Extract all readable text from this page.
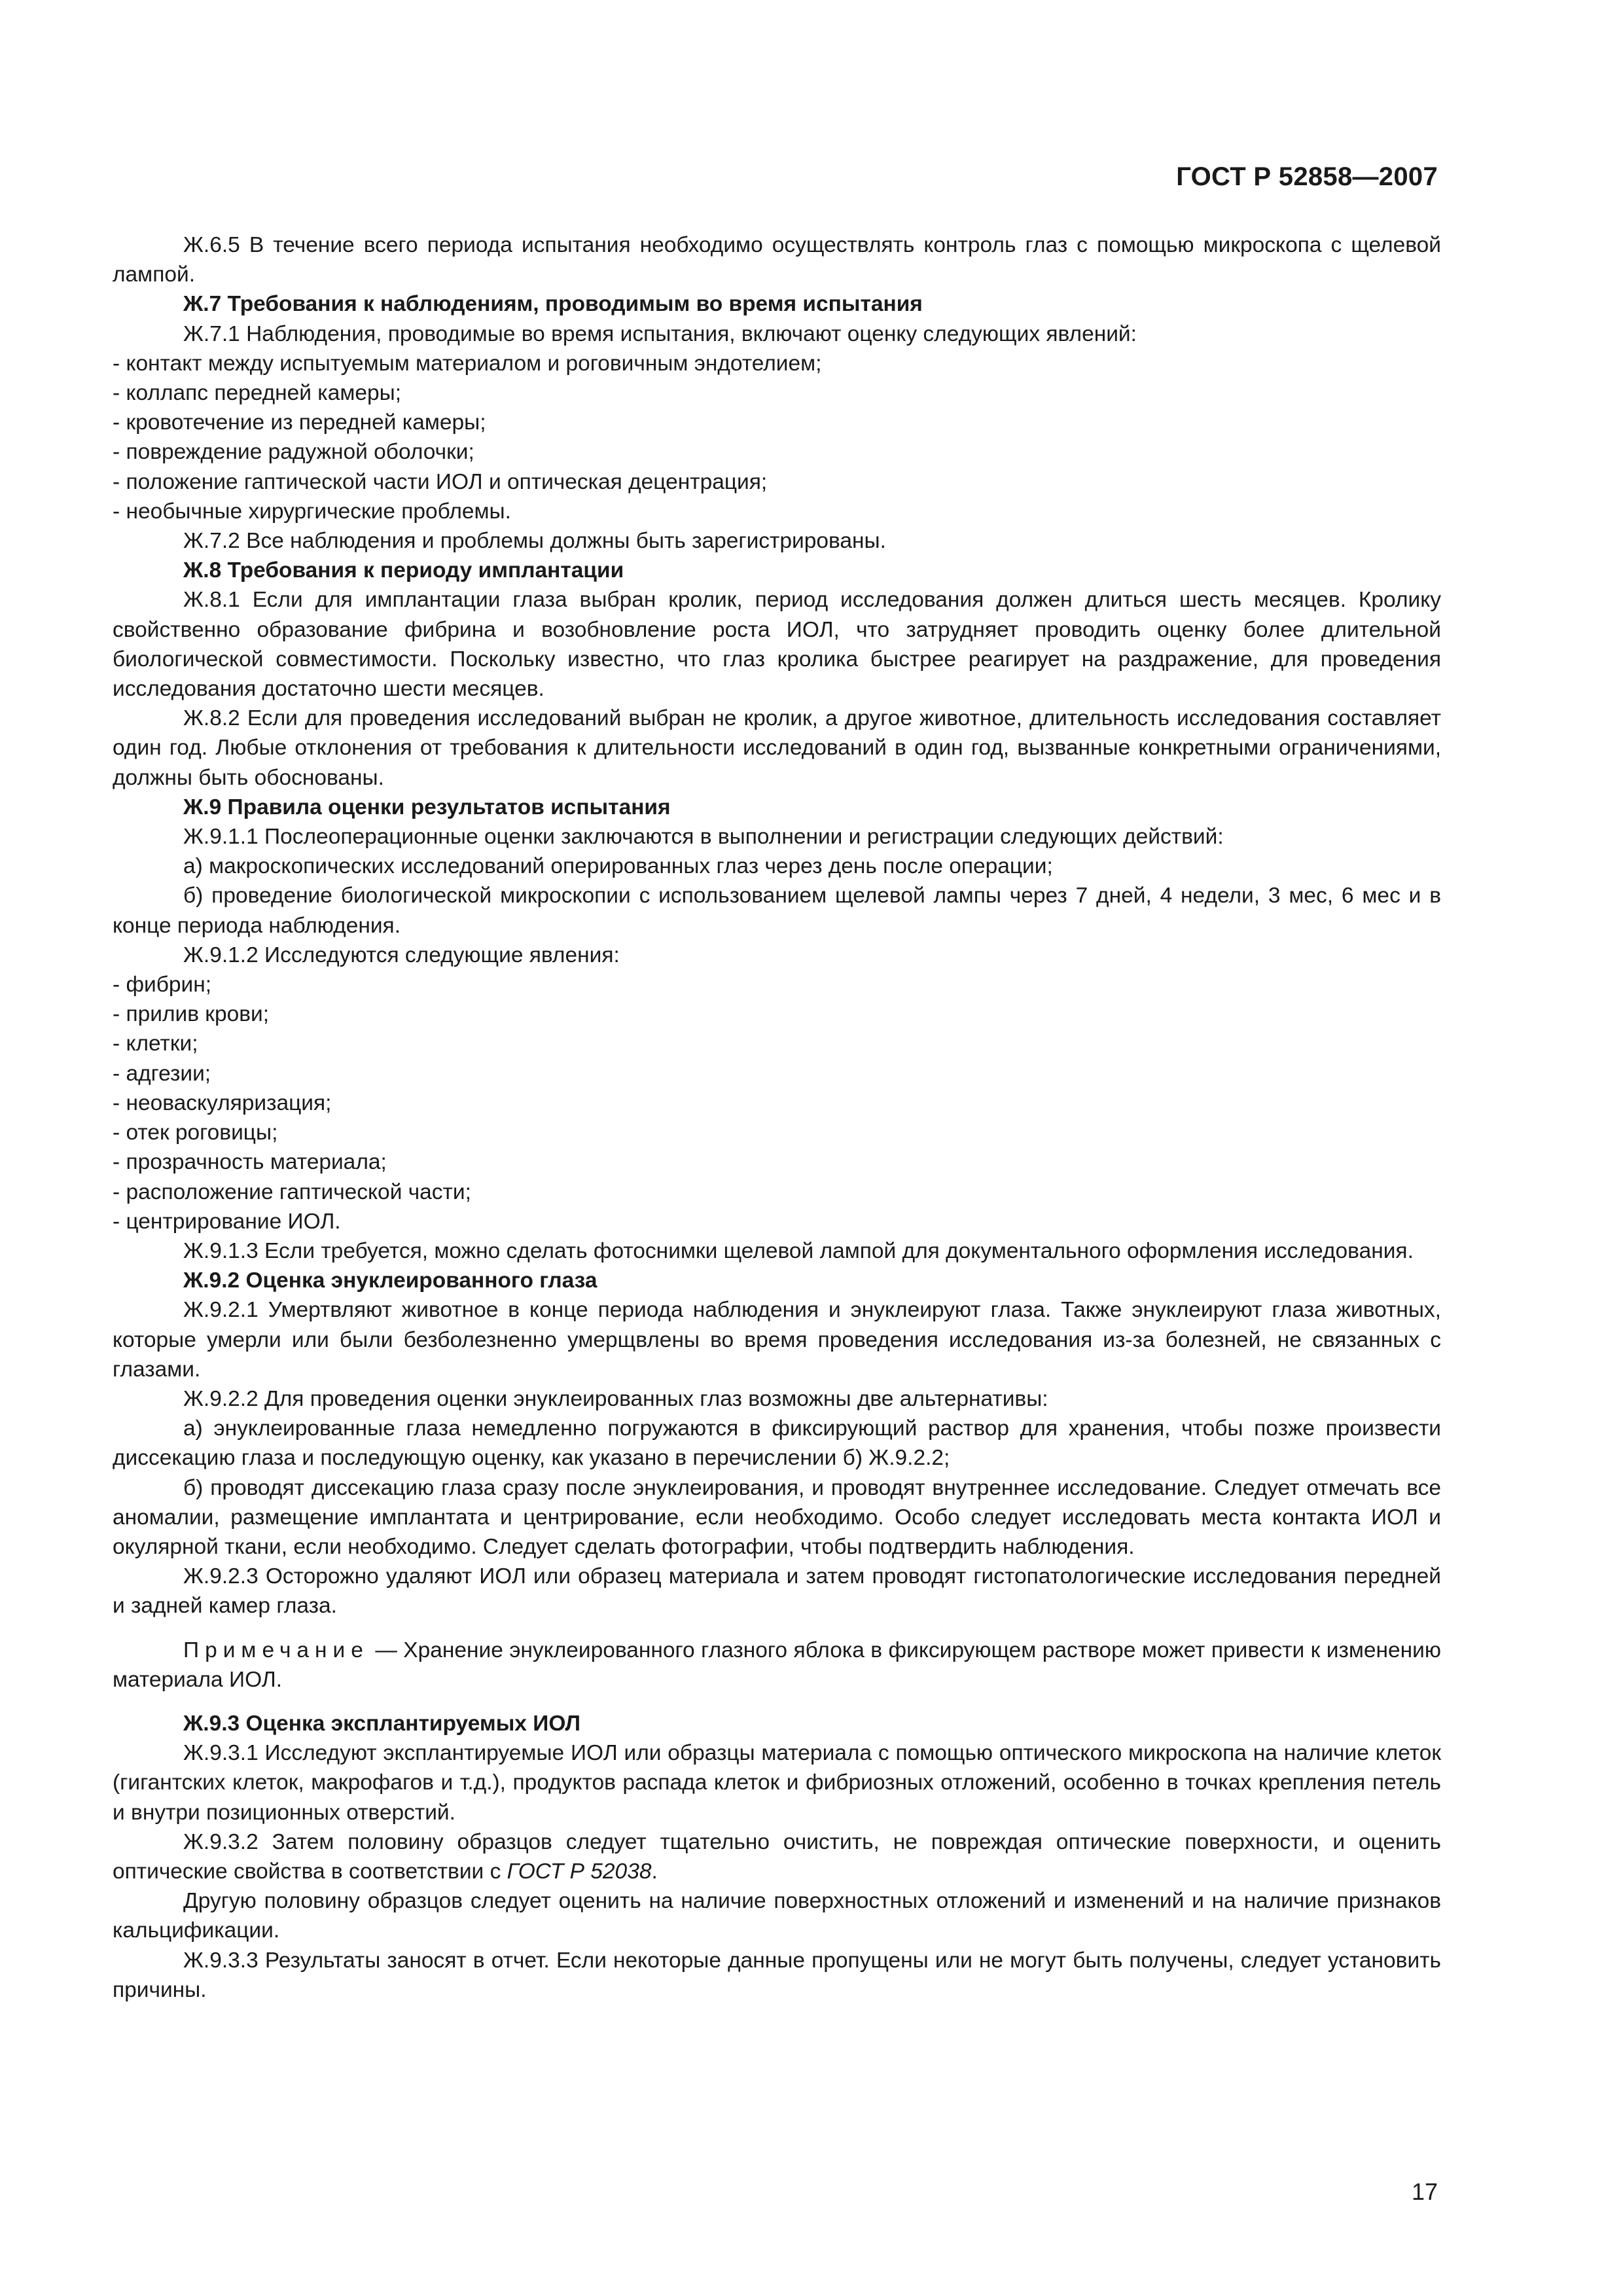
ГОСТ Р 52858—2007

Ж.6.5 В течение всего периода испытания необходимо осуществлять контроль глаз с помощью микроскопа с щелевой лампой.

Ж.7 Требования к наблюдениям, проводимым во время испытания

Ж.7.1 Наблюдения, проводимые во время испытания, включают оценку следующих явлений:

- контакт между испытуемым материалом и роговичным эндотелием;

- коллапс передней камеры;

- кровотечение из передней камеры;

- повреждение радужной оболочки;

- положение гаптической части ИОЛ и оптическая децентрация;

- необычные хирургические проблемы.

Ж.7.2 Все наблюдения и проблемы должны быть зарегистрированы.

Ж.8 Требования к периоду имплантации

Ж.8.1 Если для имплантации глаза выбран кролик, период исследования должен длиться шесть месяцев. Кролику свойственно образование фибрина и возобновление роста ИОЛ, что затрудняет проводить оценку более длительной биологической совместимости. Поскольку известно, что глаз кролика быстрее реагирует на раздражение, для проведения исследования достаточно шести месяцев.

Ж.8.2 Если для проведения исследований выбран не кролик, а другое животное, длительность исследования составляет один год. Любые отклонения от требования к длительности исследований в один год, вызванные конкретными ограничениями, должны быть обоснованы.

Ж.9 Правила оценки результатов испытания

Ж.9.1.1 Послеоперационные оценки заключаются в выполнении и регистрации следующих действий:

а) макроскопических исследований оперированных глаз через день после операции;

б) проведение биологической микроскопии с использованием щелевой лампы через 7 дней, 4 недели, 3 мес, 6 мес и в конце периода наблюдения.

Ж.9.1.2 Исследуются следующие явления:

- фибрин;

- прилив крови;

- клетки;

- адгезии;

- неоваскуляризация;

- отек роговицы;

- прозрачность материала;

- расположение гаптической части;

- центрирование ИОЛ.

Ж.9.1.3 Если требуется, можно сделать фотоснимки щелевой лампой для документального оформления исследования.

Ж.9.2 Оценка энуклеированного глаза

Ж.9.2.1 Умертвляют животное в конце периода наблюдения и энуклеируют глаза. Также энуклеируют глаза животных, которые умерли или были безболезненно умерщвлены во время проведения исследования из-за болезней, не связанных с глазами.

Ж.9.2.2 Для проведения оценки энуклеированных глаз возможны две альтернативы:

а) энуклеированные глаза немедленно погружаются в фиксирующий раствор для хранения, чтобы позже произвести диссекацию глаза и последующую оценку, как указано в перечислении б) Ж.9.2.2;

б) проводят диссекацию глаза сразу после энуклеирования, и проводят внутреннее исследование. Следует отмечать все аномалии, размещение имплантата и центрирование, если необходимо. Особо следует исследовать места контакта ИОЛ и окулярной ткани, если необходимо. Следует сделать фотографии, чтобы подтвердить наблюдения.

Ж.9.2.3 Осторожно удаляют ИОЛ или образец материала и затем проводят гистопатологические исследования передней и задней камер глаза.

Примечание — Хранение энуклеированного глазного яблока в фиксирующем растворе может привести к изменению материала ИОЛ.

Ж.9.3 Оценка эксплантируемых ИОЛ

Ж.9.3.1 Исследуют эксплантируемые ИОЛ или образцы материала с помощью оптического микроскопа на наличие клеток (гигантских клеток, макрофагов и т.д.), продуктов распада клеток и фибриозных отложений, особенно в точках крепления петель и внутри позиционных отверстий.

Ж.9.3.2 Затем половину образцов следует тщательно очистить, не повреждая оптические поверхности, и оценить оптические свойства в соответствии с ГОСТ Р 52038.

Другую половину образцов следует оценить на наличие поверхностных отложений и изменений и на наличие признаков кальцификации.

Ж.9.3.3 Результаты заносят в отчет. Если некоторые данные пропущены или не могут быть получены, следует установить причины.

17
